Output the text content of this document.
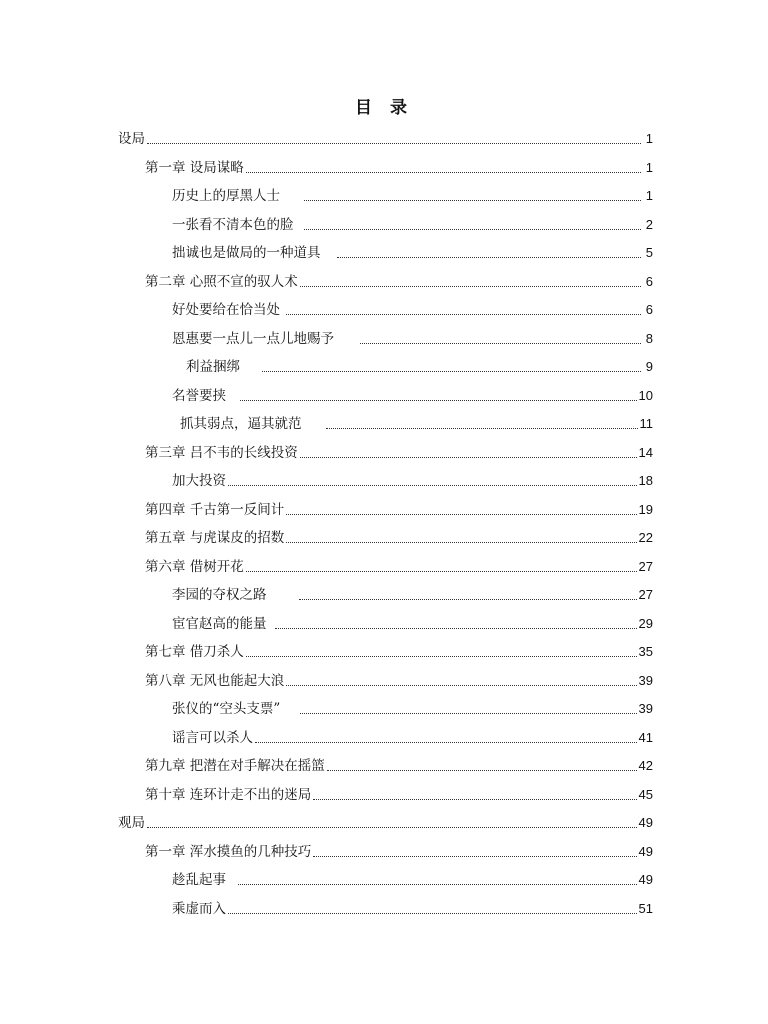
目 录
设局	1
第一章 设局谋略	1
历史上的厚黑人士	1
一张看不清本色的脸	2
拙诚也是做局的一种道具	5
第二章 心照不宣的驭人术	6
好处要给在恰当处	6
恩惠要一点儿一点儿地赐予	8
利益捆绑	9
名誉要挟	10
抓其弱点，逼其就范	11
第三章 吕不韦的长线投资	14
加大投资	18
第四章 千古第一反间计	19
第五章 与虎谋皮的招数	22
第六章 借树开花	27
李园的夺权之路	27
宦官赵高的能量	29
第七章 借刀杀人	35
第八章 无风也能起大浪	39
张仪的“空头支票”	39
谣言可以杀人	41
第九章 把潜在对手解决在摇篮	42
第十章 连环计走不出的迷局	45
观局	49
第一章 浑水摸鱼的几种技巧	49
趁乱起事	49
乘虚而入	51
